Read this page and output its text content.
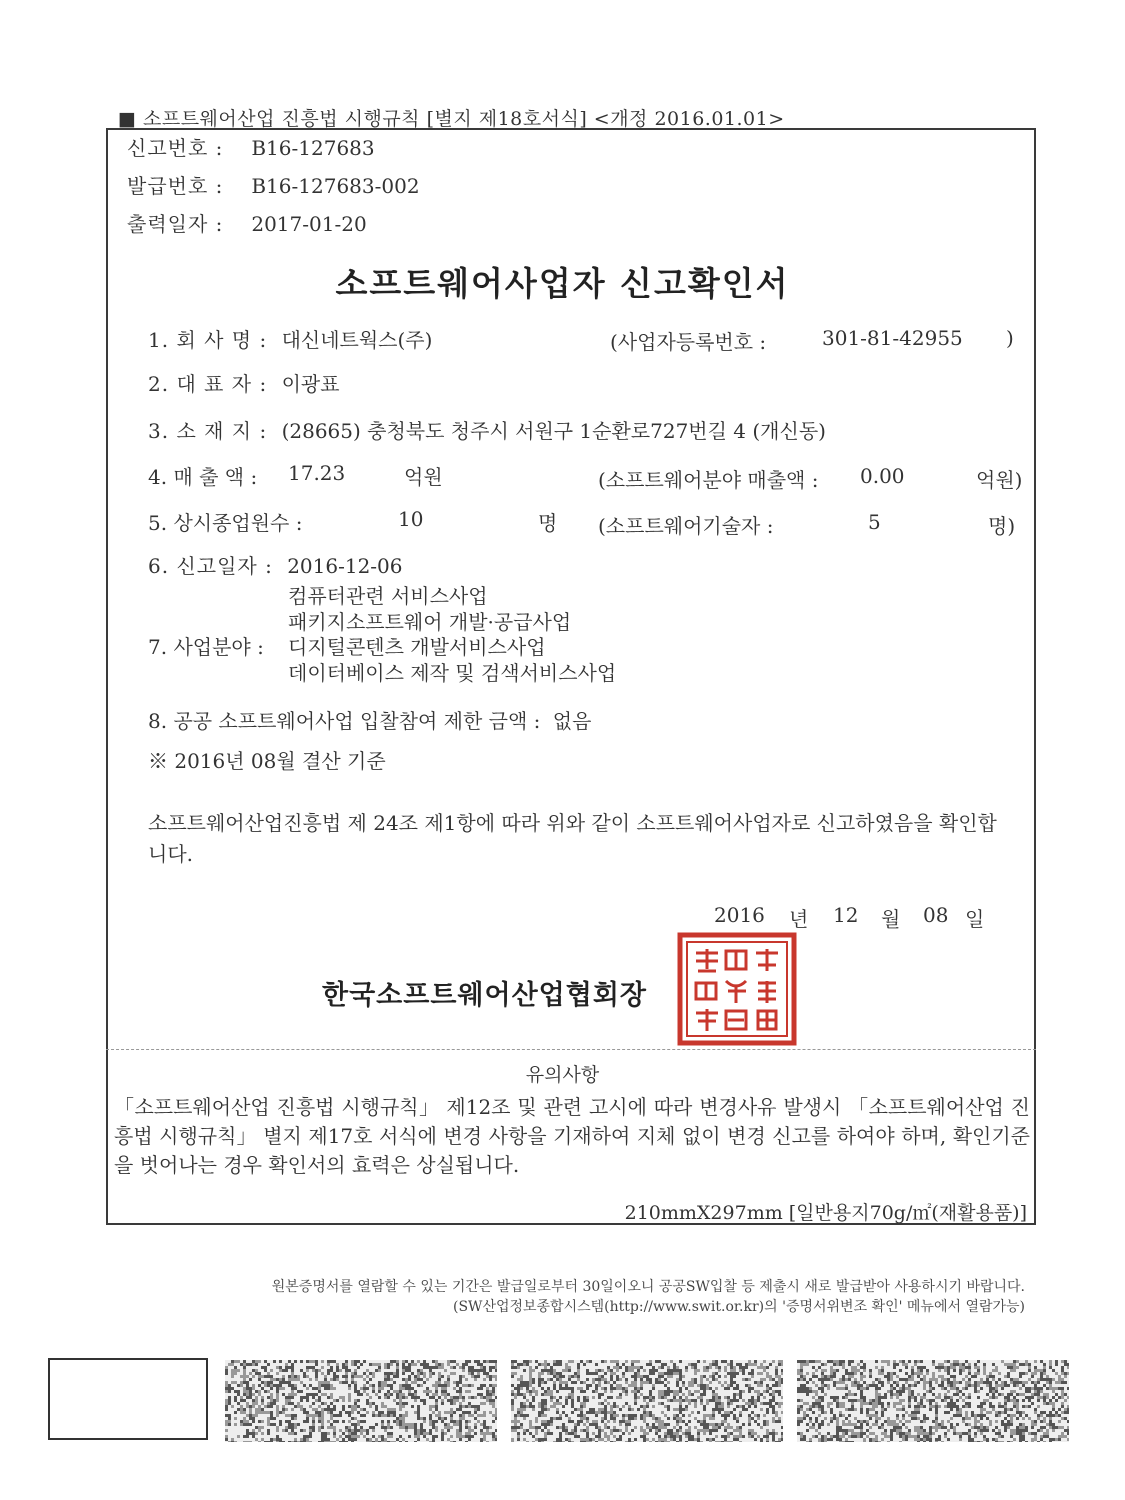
■ 소프트웨어산업 진흥법 시행규칙 [별지 제18호서식] <개정 2016.01.01>
신고번호 : B16-127683
발급번호 : B16-127683-002
출력일자 : 2017-01-20
소프트웨어사업자 신고확인서
1. 회 사 명 : 대신네트웍스(주)	(사업자등록번호 :	301-81-42955 )
2. 대 표 자 : 이광표
3. 소 재 지 : (28665) 충청북도 청주시 서원구 1순환로727번길 4 (개신동)
4. 매 출 액 : 17.23	억원	(소프트웨어분야 매출액 : 0.00	억원)
5. 상시종업원수 :	10	명 (소프트웨어기술자 :	5	명)
6. 신고일자 : 2016-12-06
컴퓨터관련 서비스사업
패키지소프트웨어 개발·공급사업
7. 사업분야 : 디지털콘텐츠 개발서비스사업
데이터베이스 제작 및 검색서비스사업
8. 공공 소프트웨어사업 입찰참여 제한 금액 : 없음
※ 2016년 08월 결산 기준
소프트웨어산업진흥법 제 24조 제1항에 따라 위와 같이 소프트웨어사업자로 신고하였음을 확인합니다.
2016 년 12 월 08 일
한국소프트웨어산업협회장
유의사항
「소프트웨어산업 진흥법 시행규칙」 제12조 및 관련 고시에 따라 변경사유 발생시 「소프트웨어산업 진흥법 시행규칙」 별지 제17호 서식에 변경 사항을 기재하여 지체 없이 변경 신고를 하여야 하며, 확인기준을 벗어나는 경우 확인서의 효력은 상실됩니다.
210mmX297mm [일반용지70g/㎡(재활용품)]
원본증명서를 열람할 수 있는 기간은 발급일로부터 30일이오니 공공SW입찰 등 제출시 새로 발급받아 사용하시기 바랍니다.
(SW산업정보종합시스템(http://www.swit.or.kr)의 '증명서위변조 확인' 메뉴에서 열람가능)
